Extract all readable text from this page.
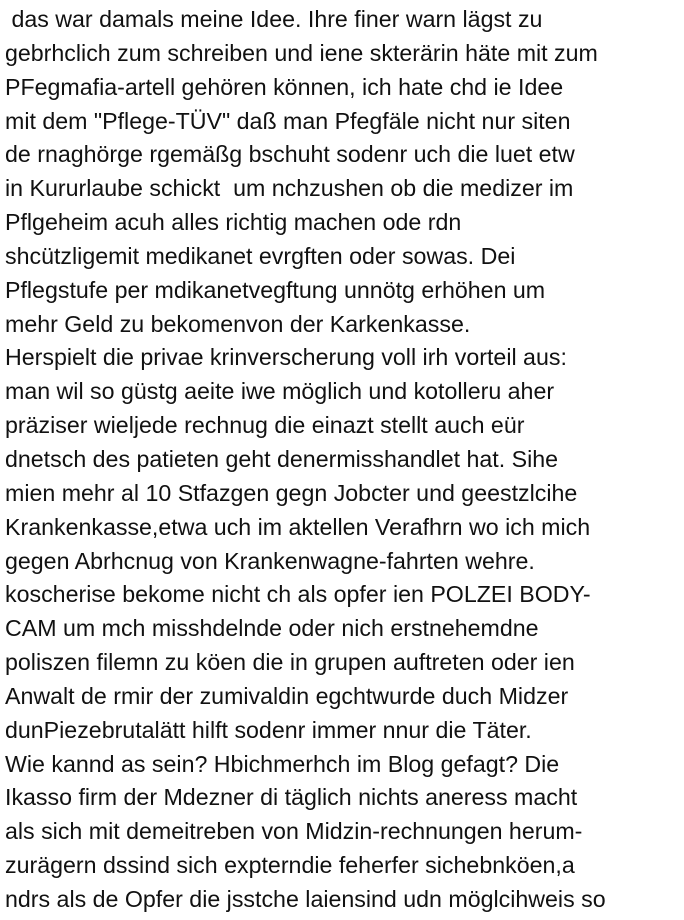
das war damals meine Idee. Ihre finer warn lägst zu
gebrhclich zum schreiben und iene skterärin häte mit zum
PFegmafia-artell gehören können, ich hate chd ie Idee
mit dem "Pflege-TÜV" daß man Pfegfäle nicht nur siten
de rnaghörge rgemäßg bschuht sodenr uch die luet etw
in Kururlaube schickt  um nchzushen ob die medizer im
Pflgeheim acuh alles richtig machen ode rdn
shcützligemit medikanet evrgften oder sowas. Dei
Pflegstufe per mdikanetvegftung unnötg erhöhen um
mehr Geld zu bekomenvon der Karkenkasse.
Herspielt die privae krinverscherung voll irh vorteil aus:
man wil so güstg aeite iwe möglich und kotolleru aher
präziser wieljede rechnug die einazt stellt auch eür
dnetsch des patieten geht denermisshandlet hat. Sihe
mien mehr al 10 Stfazgen gegn Jobcter und geestzlcihe
Krankenkasse,etwa uch im aktellen Verafhrn wo ich mich
gegen Abrhcnug von Krankenwagne-fahrten wehre.
koscherise bekome nicht ch als opfer ien POLZEI BODY-
CAM um mch misshdelnde oder nich erstnehemdne
poliszen filemn zu köen die in grupen auftreten oder ien
Anwalt de rmir der zumivaldin egchtwurde duch Midzer
dunPiezebrutalätt hilft sodenr immer nnur die Täter.
Wie kannd as sein? Hbichmerhch im Blog gefagt? Die
Ikasso firm der Mdezner di täglich nichts aneress macht
als sich mit demeitreben von Midzin-rechnungen herum-
zurägern dssind sich expterndie feherfer sichebnköen,a
ndrs als de Opfer die jsstche laiensind udn möglcihweis so
